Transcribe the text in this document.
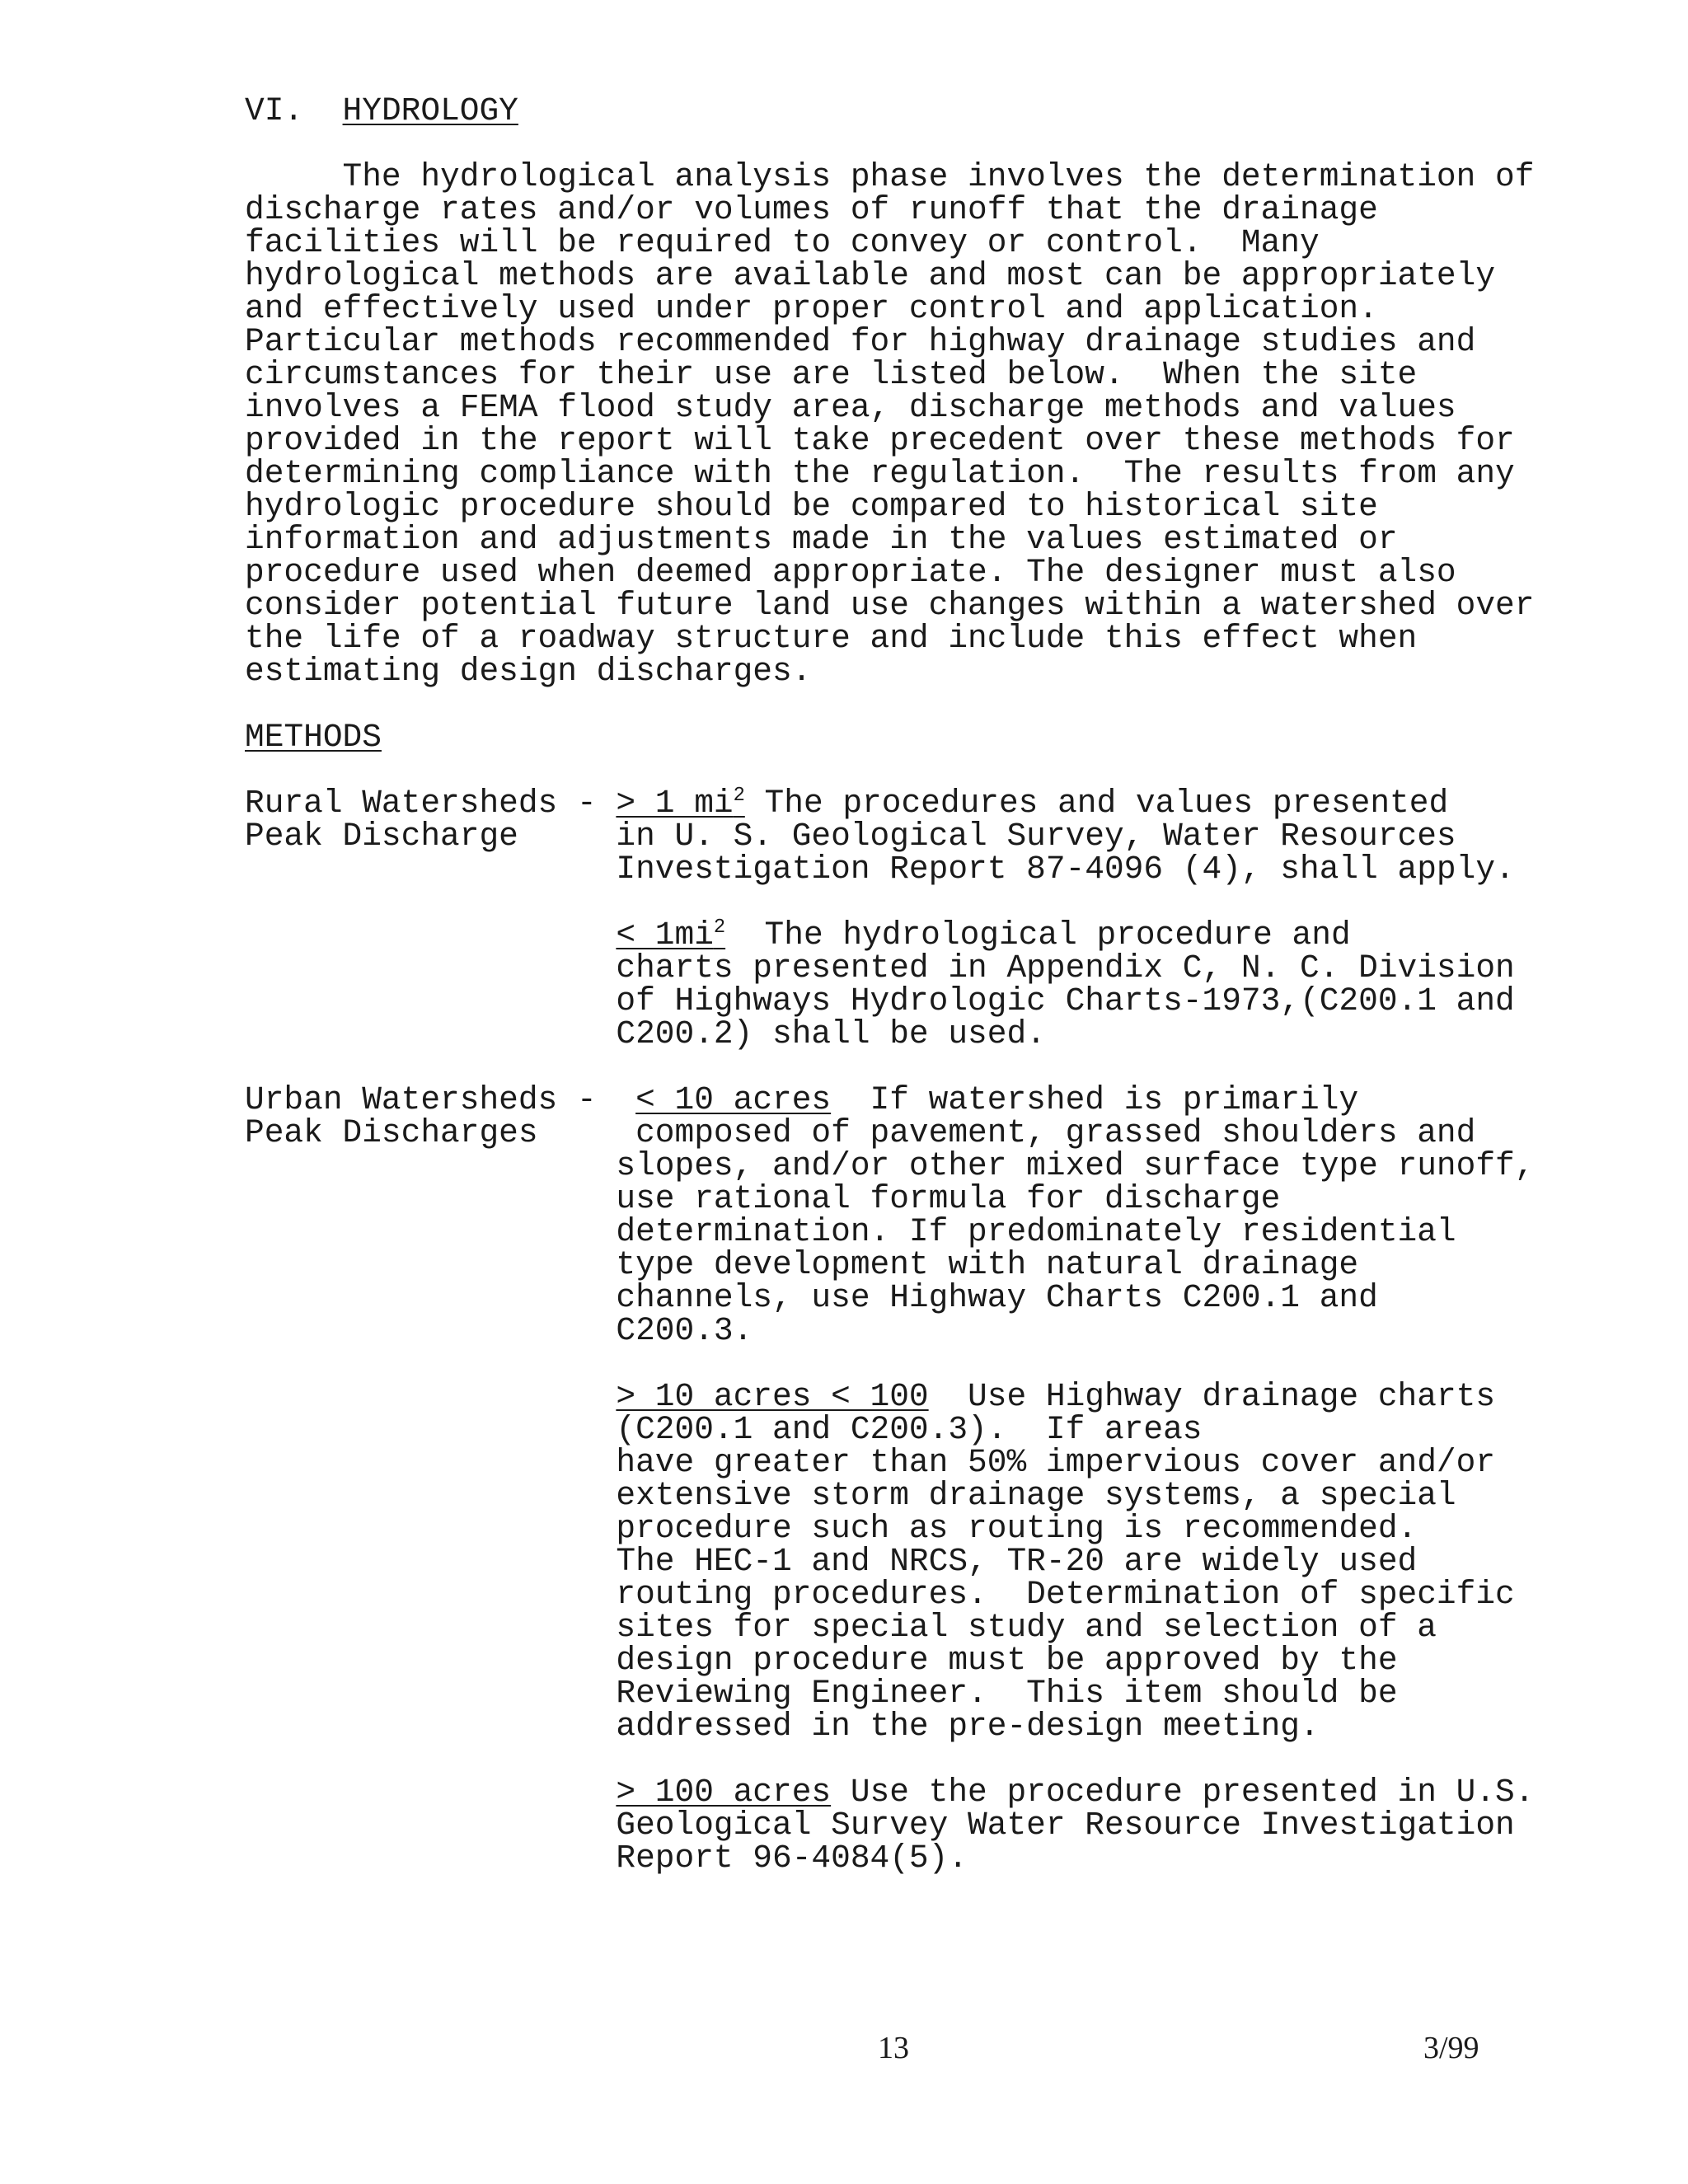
VI. HYDROLOGY
The hydrological analysis phase involves the determination of
discharge rates and/or volumes of runoff that the drainage
facilities will be required to convey or control.  Many
hydrological methods are available and most can be appropriately
and effectively used under proper control and application.
Particular methods recommended for highway drainage studies and
circumstances for their use are listed below.  When the site
involves a FEMA flood study area, discharge methods and values
provided in the report will take precedent over these methods for
determining compliance with the regulation.  The results from any
hydrologic procedure should be compared to historical site
information and adjustments made in the values estimated or
procedure used when deemed appropriate. The designer must also
consider potential future land use changes within a watershed over
the life of a roadway structure and include this effect when
estimating design discharges.
METHODS
Rural Watersheds - > 1 $mi^2$ The procedures and values presented
Peak Discharge     in U. S. Geological Survey, Water Resources
Investigation Report 87-4096 (4), shall apply.
< $1mi^2$  The hydrological procedure and
charts presented in Appendix C, N. C. Division
of Highways Hydrologic Charts-1973,(C200.1 and
C200.2) shall be used.
Urban Watersheds -  < 10 acres  If watershed is primarily
Peak Discharges     composed of pavement, grassed shoulders and
slopes, and/or other mixed surface type runoff,
use rational formula for discharge
determination. If predominately residential
type development with natural drainage
channels, use Highway Charts C200.1 and
C200.3.
> 10 acres < 100  Use Highway drainage charts
(C200.1 and C200.3).  If areas
have greater than 50% impervious cover and/or
extensive storm drainage systems, a special
procedure such as routing is recommended.
The HEC-1 and NRCS, TR-20 are widely used
routing procedures.  Determination of specific
sites for special study and selection of a
design procedure must be approved by the
Reviewing Engineer.  This item should be
addressed in the pre-design meeting.
> 100 acres Use the procedure presented in U.S.
Geological Survey Water Resource Investigation
Report 96-4084(5).
13	3/99
